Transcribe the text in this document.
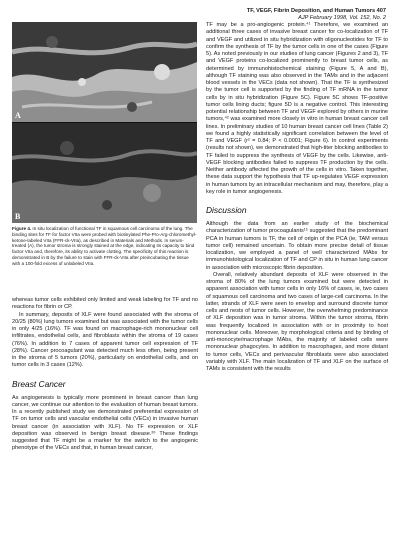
TF, VEGF, Fibrin Deposition, and Human Tumors 407
AJP February 1998, Vol. 152, No. 2
A
B

Figure 4. In situ localization of functional TF in squamous cell carcinoma of the lung. The binding sites for TF for factor VIIa were probed with biotinylated Phe-Pro-Arg-chloromethyl-ketone-labeled VIIa (FFR-ck-VIIa), as described in Materials and Methods. In serum-treated (A), the tumor stroma is strongly stained at the edge, indicating its capacity to bind factor VIIa and, therefore, its ability to activate clotting. The specificity of this reaction is demonstrated in B by the failure to stain with FFR-ck-VIIa after preincubating the tissue with a 100-fold excess of unlabeled VIIa.

whereas tumor cells exhibited only limited and weak labeling for TF and no reactions for fibrin or CP.

In summary, deposits of XLF were found associated with the stroma of 20/25 (80%) lung tumors examined but was associated with the tumor cells in only 4/25 (16%). TF was found on macrophage-rich mononuclear cell infiltrates, endothelial cells, and fibroblasts within the stroma of 19 cases (76%). In addition to 7 cases of apparent tumor cell expression of TF (28%). Cancer procoagulant was detected much less often, being present in the stroma of 5 tumors (20%), particularly on endothelial cells, and on tumor cells in 3 cases (12%).

Breast Cancer

As angiogenesis is typically more prominent in breast cancer than lung cancer, we continue our attention to the evaluation of human breast tumors. In a recently published study we demonstrated preferential expression of TF on tumor cells and vascular endothelial cells (VECs) in invasive human breast cancer (in association with XLF). No TF expression or XLF deposition was observed in benign breast disease.²⁰ These findings suggested that TF might be a marker for the switch to the angiogenic phenotype of the VECs and that, in human breast cancer,

TF may be a pro-angiogenic protein.⁴¹ Therefore, we examined an additional three cases of invasive breast cancer for co-localization of TF and VEGF and utilized in situ hybridization with oligonucleotides for TF to confirm the synthesis of TF by the tumor cells in one of the cases (Figure 5). As noted previously in our studies of lung cancer (Figures 2 and 3), TF and VEGF proteins co-localized prominently to breast tumor cells, as determined by immunohistochemical staining (Figure 5, A and B), although TF staining was also observed in the TAMs and in the adjacent blood vessels in the VECs (data not shown). That the TF is synthesized by the tumor cell is supported by the finding of TF mRNA in the tumor cells by in situ hybridization (Figure 5C). Figure 5C shows TF-positive tumor cells lining ducts; figure 5D is a negative control. This interesting potential relationship between TF and VEGF explored by others in murine tumors,⁴² was examined more closely in vitro in human breast cancer cell lines. In preliminary studies of 10 human breast cancer cell lines (Table 2) we found a highly statistically significant correlation between the level of TF and VEGF (r² = 0.84; P < 0.0001; Figure 6). In control experiments (results not shown), we demonstrated that high-titer blocking antibodies to TF failed to suppress the synthesis of VEGF by the cells. Likewise, anti-VEGF blocking antibodies failed to suppress TF production by the cells. Neither antibody affected the growth of the cells in vitro. Taken together, these data support the hypothesis that TF up-regulates VEGF expression in human tumors by an intracellular mechanism and may, therefore, play a key role in tumor angiogenesis.

Discussion

Although the data from an earlier study of the biochemical characterization of tumor procoagulants¹⁵ suggested that the predominant PCA in human tumors is TF, the cell of origin of the PCA (ie, TAM versus tumor cell) remained uncertain. To obtain more precise detail of tissue localization, we employed a panel of well characterized MAbs for immunohistological localization of TF and CP in situ in human lung cancer in association with microscopic fibrin deposition.

Overall, relatively abundant deposits of XLF were observed in the stroma of 80% of the lung tumors examined but were detected in apparent association with tumor cells in only 16% of cases, ie, two cases of squamous cell carcinoma and two cases of large-cell carcinoma. In the latter, strands of XLF were seen to envelop and surround discrete tumor cells and nests of tumor cells. However, the overwhelming predominance of XLF deposition was in tumor stroma. Within the tumor stroma, fibrin was frequently localized in association with or in proximity to host mononuclear cells. Moreover, by morphological criteria and by binding of anti-monocyte/macrophage MAbs, the majority of labeled cells were mononuclear phagocytes. In addition to macrophages, and more distant to tumor cells, VECs and perivascular fibroblasts were also associated variably with XLF. The main localization of TF and XLF on the surface of TAMs is consistent with the results
